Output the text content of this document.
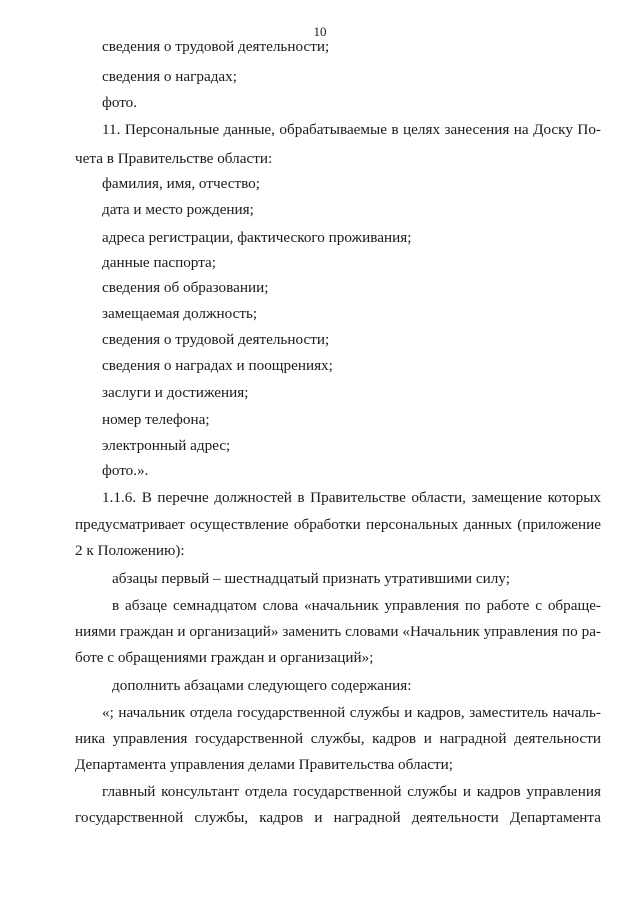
10
сведения о трудовой деятельности;
сведения о наградах;
фото.
11. Персональные данные, обрабатываемые в целях занесения на Доску По-
чета в Правительстве области:
фамилия, имя, отчество;
дата и место рождения;
адреса регистрации, фактического проживания;
данные паспорта;
сведения об образовании;
замещаемая должность;
сведения о трудовой деятельности;
сведения о наградах и поощрениях;
заслуги и достижения;
номер телефона;
электронный адрес;
фото.».
1.1.6. В перечне должностей в Правительстве области, замещение которых
предусматривает осуществление обработки персональных данных (приложение
2 к Положению):
абзацы первый – шестнадцатый признать утратившими силу;
в абзаце семнадцатом слова «начальник управления по работе с обраще-
ниями граждан и организаций» заменить словами «Начальник управления по ра-
боте с обращениями граждан и организаций»;
дополнить абзацами следующего содержания:
«; начальник отдела государственной службы и кадров, заместитель началь-
ника управления государственной службы, кадров и наградной деятельности
Департамента управления делами Правительства области;
главный консультант отдела государственной службы и кадров управления
государственной службы, кадров и наградной деятельности Департамента
